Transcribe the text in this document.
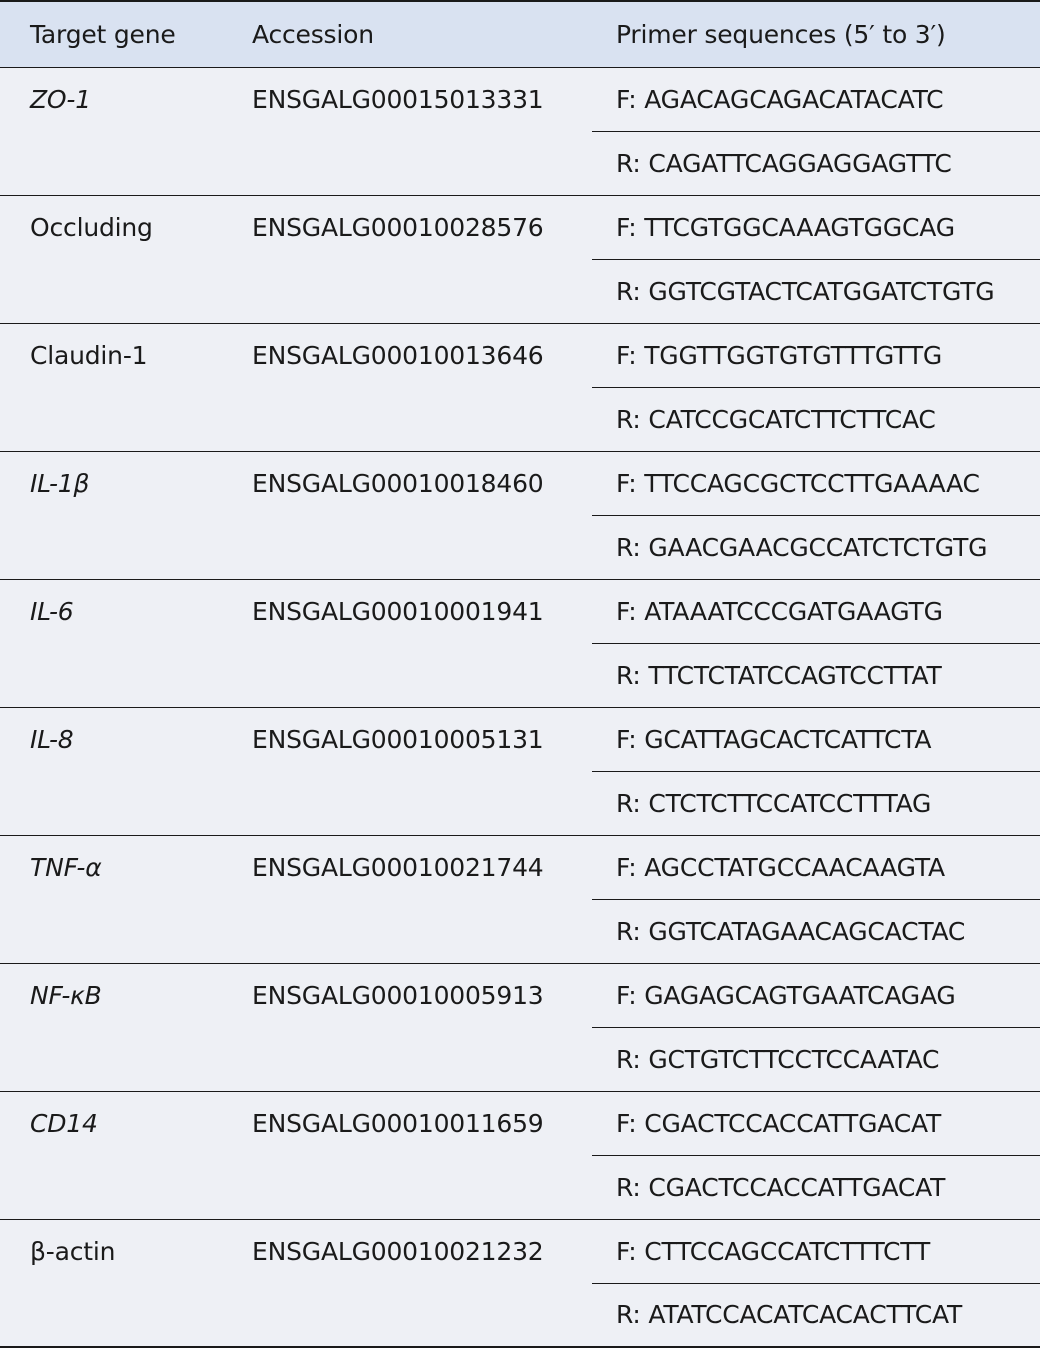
Target gene	Accession	Primer sequences (5′ to 3′)
ZO-1	ENSGALG00015013331	F: AGACAGCAGACATACATC
		R: CAGATTCAGGAGGAGTTC
Occluding	ENSGALG00010028576	F: TTCGTGGCAAAGTGGCAG
		R: GGTCGTACTCATGGATCTGTG
Claudin-1	ENSGALG00010013646	F: TGGTTGGTGTGTTTGTTG
		R: CATCCGCATCTTCTTCAC
IL-1β	ENSGALG00010018460	F: TTCCAGCGCTCCTTGAAAAC
		R: GAACGAACGCCATCTCTGTG
IL-6	ENSGALG00010001941	F: ATAAATCCCGATGAAGTG
		R: TTCTCTATCCAGTCCTTAT
IL-8	ENSGALG00010005131	F: GCATTAGCACTCATTCTA
		R: CTCTCTTCCATCCTTTAG
TNF-α	ENSGALG00010021744	F: AGCCTATGCCAACAAGTA
		R: GGTCATAGAACAGCACTAC
NF-κB	ENSGALG00010005913	F: GAGAGCAGTGAATCAGAG
		R: GCTGTCTTCCTCCAATAC
CD14	ENSGALG00010011659	F: CGACTCCACCATTGACAT
		R: CGACTCCACCATTGACAT
β-actin	ENSGALG00010021232	F: CTTCCAGCCATCTTTCTT
		R: ATATCCACATCACACTTCAT
